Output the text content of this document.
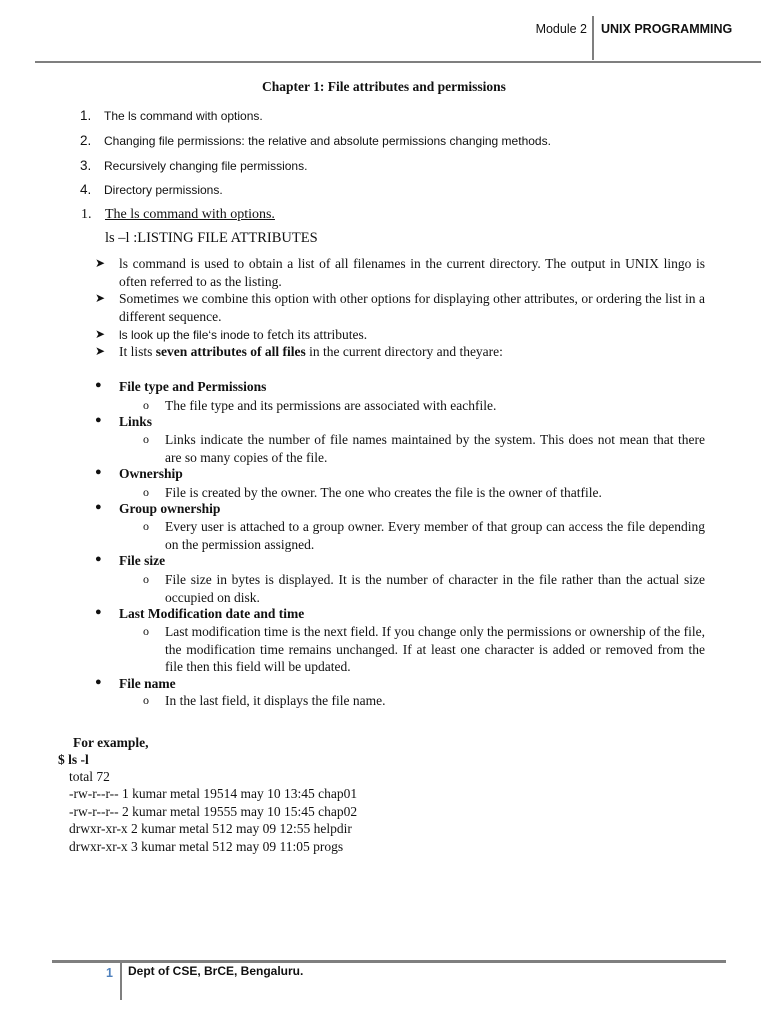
Module 2 UNIX PROGRAMMING
Chapter 1: File attributes and permissions
1. The ls command with options.
2. Changing file permissions: the relative and absolute permissions changing methods.
3. Recursively changing file permissions.
4. Directory permissions.
1. The ls command with options.
ls –l :LISTING FILE ATTRIBUTES
➤ ls command is used to obtain a list of all filenames in the current directory. The output in UNIX lingo is often referred to as the listing.
➤ Sometimes we combine this option with other options for displaying other attributes, or ordering the list in a different sequence.
➤ ls look up the file‘s inode to fetch its attributes.
➤ It lists seven attributes of all files in the current directory and theyare:
● File type and Permissions
o The file type and its permissions are associated with eachfile.
● Links
o Links indicate the number of file names maintained by the system. This does not mean that there are so many copies of the file.
● Ownership
o File is created by the owner. The one who creates the file is the owner of thatfile.
● Group ownership
o Every user is attached to a group owner. Every member of that group can access the file depending on the permission assigned.
● File size
o File size in bytes is displayed. It is the number of character in the file rather than the actual size occupied on disk.
● Last Modification date and time
o Last modification time is the next field. If you change only the permissions or ownership of the file, the modification time remains unchanged. If at least one character is added or removed from the file then this field will be updated.
● File name
o In the last field, it displays the file name.
For example,
$ ls -l
total 72
-rw-r--r-- 1 kumar metal 19514 may 10 13:45 chap01
-rw-r--r-- 2 kumar metal 19555 may 10 15:45 chap02
drwxr-xr-x 2 kumar metal 512 may 09 12:55 helpdir
drwxr-xr-x 3 kumar metal 512 may 09 11:05 progs
1 Dept of CSE, BrCE, Bengaluru.
